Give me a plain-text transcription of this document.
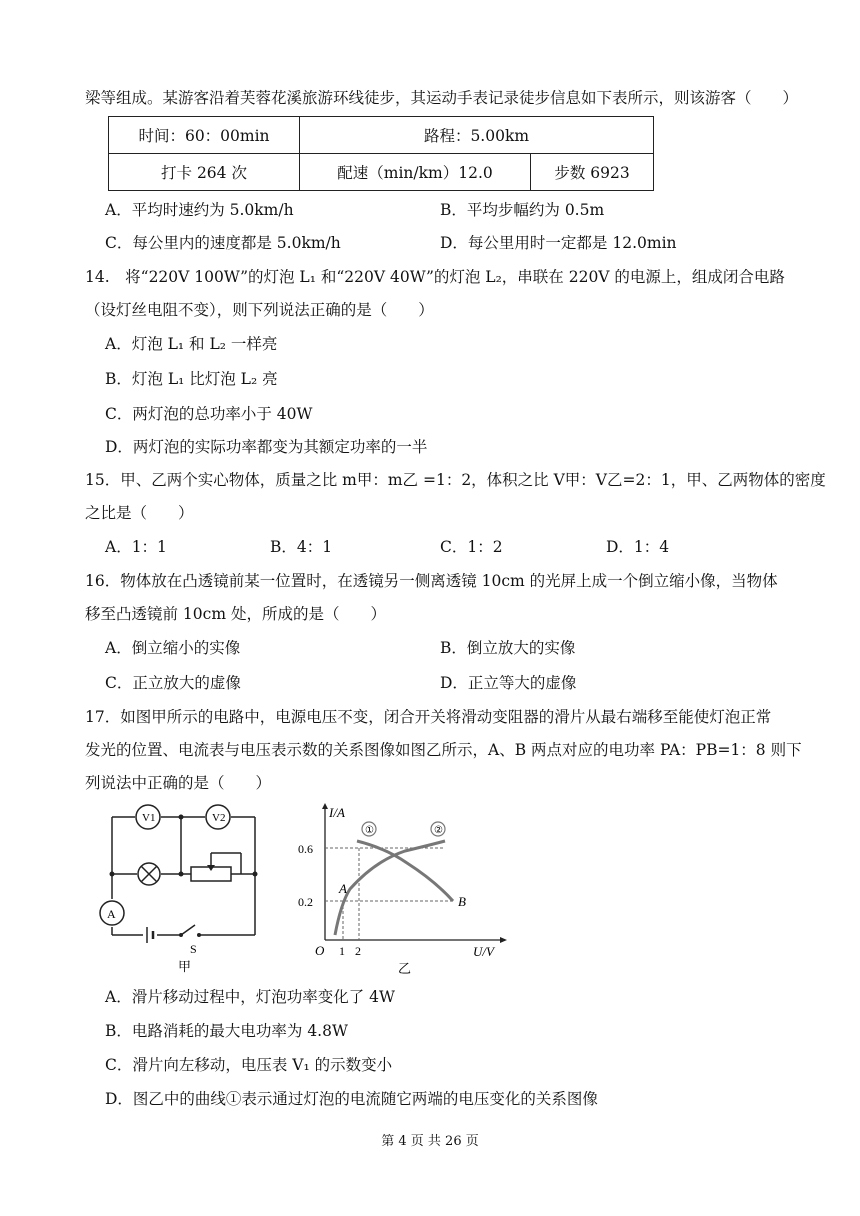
梁等组成。某游客沿着芙蓉花溪旅游环线徒步，其运动手表记录徒步信息如下表所示，则该游客（　　）
时间：60：00min	路程：5.00km	
打卡 264 次	配速（min/km）12.0	步数 6923
A．平均时速约为 5.0km/h	B．平均步幅约为 0.5m
C．每公里内的速度都是 5.0km/h	D．每公里用时一定都是 12.0min
14.　将“220V 100W”的灯泡 L₁ 和“220V 40W”的灯泡 L₂，串联在 220V 的电源上，组成闭合电路
（设灯丝电阻不变），则下列说法正确的是（　　）
A．灯泡 L₁ 和 L₂ 一样亮
B．灯泡 L₁ 比灯泡 L₂ 亮
C．两灯泡的总功率小于 40W
D．两灯泡的实际功率都变为其额定功率的一半
15．甲、乙两个实心物体，质量之比 m甲：m乙 =1：2，体积之比 V甲：V乙=2：1，甲、乙两物体的密度
之比是（　　）
A．1：1	B．4：1	C．1：2	D．1：4
16．物体放在凸透镜前某一位置时，在透镜另一侧离透镜 10cm 的光屏上成一个倒立缩小像，当物体
移至凸透镜前 10cm 处，所成的是（　　）
A．倒立缩小的实像	B．倒立放大的实像
C．正立放大的虚像	D．正立等大的虚像
17．如图甲所示的电路中，电源电压不变，闭合开关将滑动变阻器的滑片从最右端移至能使灯泡正常
发光的位置、电流表与电压表示数的关系图像如图乙所示，A、B 两点对应的电功率 PA：PB=1：8 则下
列说法中正确的是（　　）
V1	V2
A
S
甲
①	②
I/A
U/V
O
0.6
0.2
1 2
A
B
乙
A．滑片移动过程中，灯泡功率变化了 4W
B．电路消耗的最大电功率为 4.8W
C．滑片向左移动，电压表 V₁ 的示数变小
D．图乙中的曲线①表示通过灯泡的电流随它两端的电压变化的关系图像
第 4 页 共 26 页
